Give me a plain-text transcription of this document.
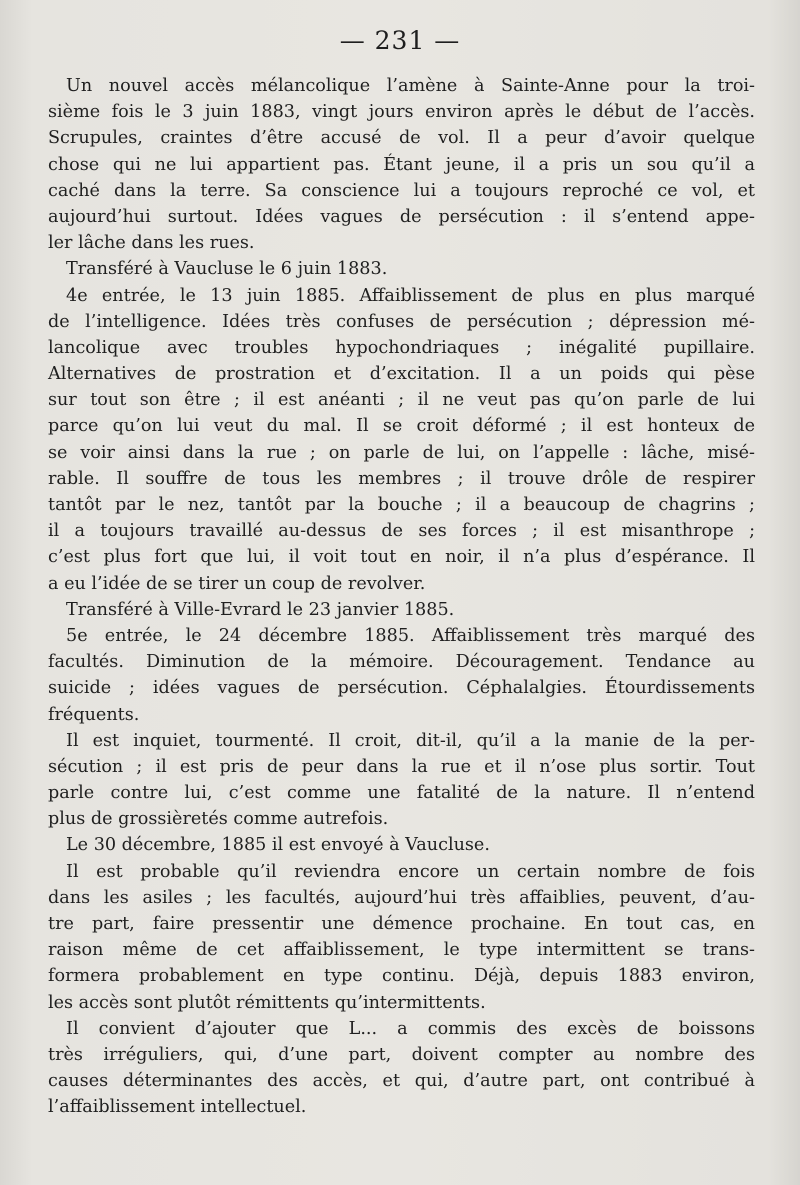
— 231 —
Un nouvel accès mélancolique l’amène à Sainte-Anne pour la troi-
sième fois le 3 juin 1883, vingt jours environ après le début de l’accès.
Scrupules, craintes d’être accusé de vol. Il a peur d’avoir quelque
chose qui ne lui appartient pas. Étant jeune, il a pris un sou qu’il a
caché dans la terre. Sa conscience lui a toujours reproché ce vol, et
aujourd’hui surtout. Idées vagues de persécution : il s’entend appe-
ler lâche dans les rues.
Transféré à Vaucluse le 6 juin 1883.
4e entrée, le 13 juin 1885. Affaiblissement de plus en plus marqué
de l’intelligence. Idées très confuses de persécution ; dépression mé-
lancolique avec troubles hypochondriaques ; inégalité pupillaire.
Alternatives de prostration et d’excitation. Il a un poids qui pèse
sur tout son être ; il est anéanti ; il ne veut pas qu’on parle de lui
parce qu’on lui veut du mal. Il se croit déformé ; il est honteux de
se voir ainsi dans la rue ; on parle de lui, on l’appelle : lâche, misé-
rable. Il souffre de tous les membres ; il trouve drôle de respirer
tantôt par le nez, tantôt par la bouche ; il a beaucoup de chagrins ;
il a toujours travaillé au-dessus de ses forces ; il est misanthrope ;
c’est plus fort que lui, il voit tout en noir, il n’a plus d’espérance. Il
a eu l’idée de se tirer un coup de revolver.
Transféré à Ville-Evrard le 23 janvier 1885.
5e entrée, le 24 décembre 1885. Affaiblissement très marqué des
facultés. Diminution de la mémoire. Découragement. Tendance au
suicide ; idées vagues de persécution. Céphalalgies. Étourdissements
fréquents.
Il est inquiet, tourmenté. Il croit, dit-il, qu’il a la manie de la per-
sécution ; il est pris de peur dans la rue et il n’ose plus sortir. Tout
parle contre lui, c’est comme une fatalité de la nature. Il n’entend
plus de grossièretés comme autrefois.
Le 30 décembre, 1885 il est envoyé à Vaucluse.
Il est probable qu’il reviendra encore un certain nombre de fois
dans les asiles ; les facultés, aujourd’hui très affaiblies, peuvent, d’au-
tre part, faire pressentir une démence prochaine. En tout cas, en
raison même de cet affaiblissement, le type intermittent se trans-
formera probablement en type continu. Déjà, depuis 1883 environ,
les accès sont plutôt rémittents qu’intermittents.
Il convient d’ajouter que L... a commis des excès de boissons
très irréguliers, qui, d’une part, doivent compter au nombre des
causes déterminantes des accès, et qui, d’autre part, ont contribué à
l’affaiblissement intellectuel.
